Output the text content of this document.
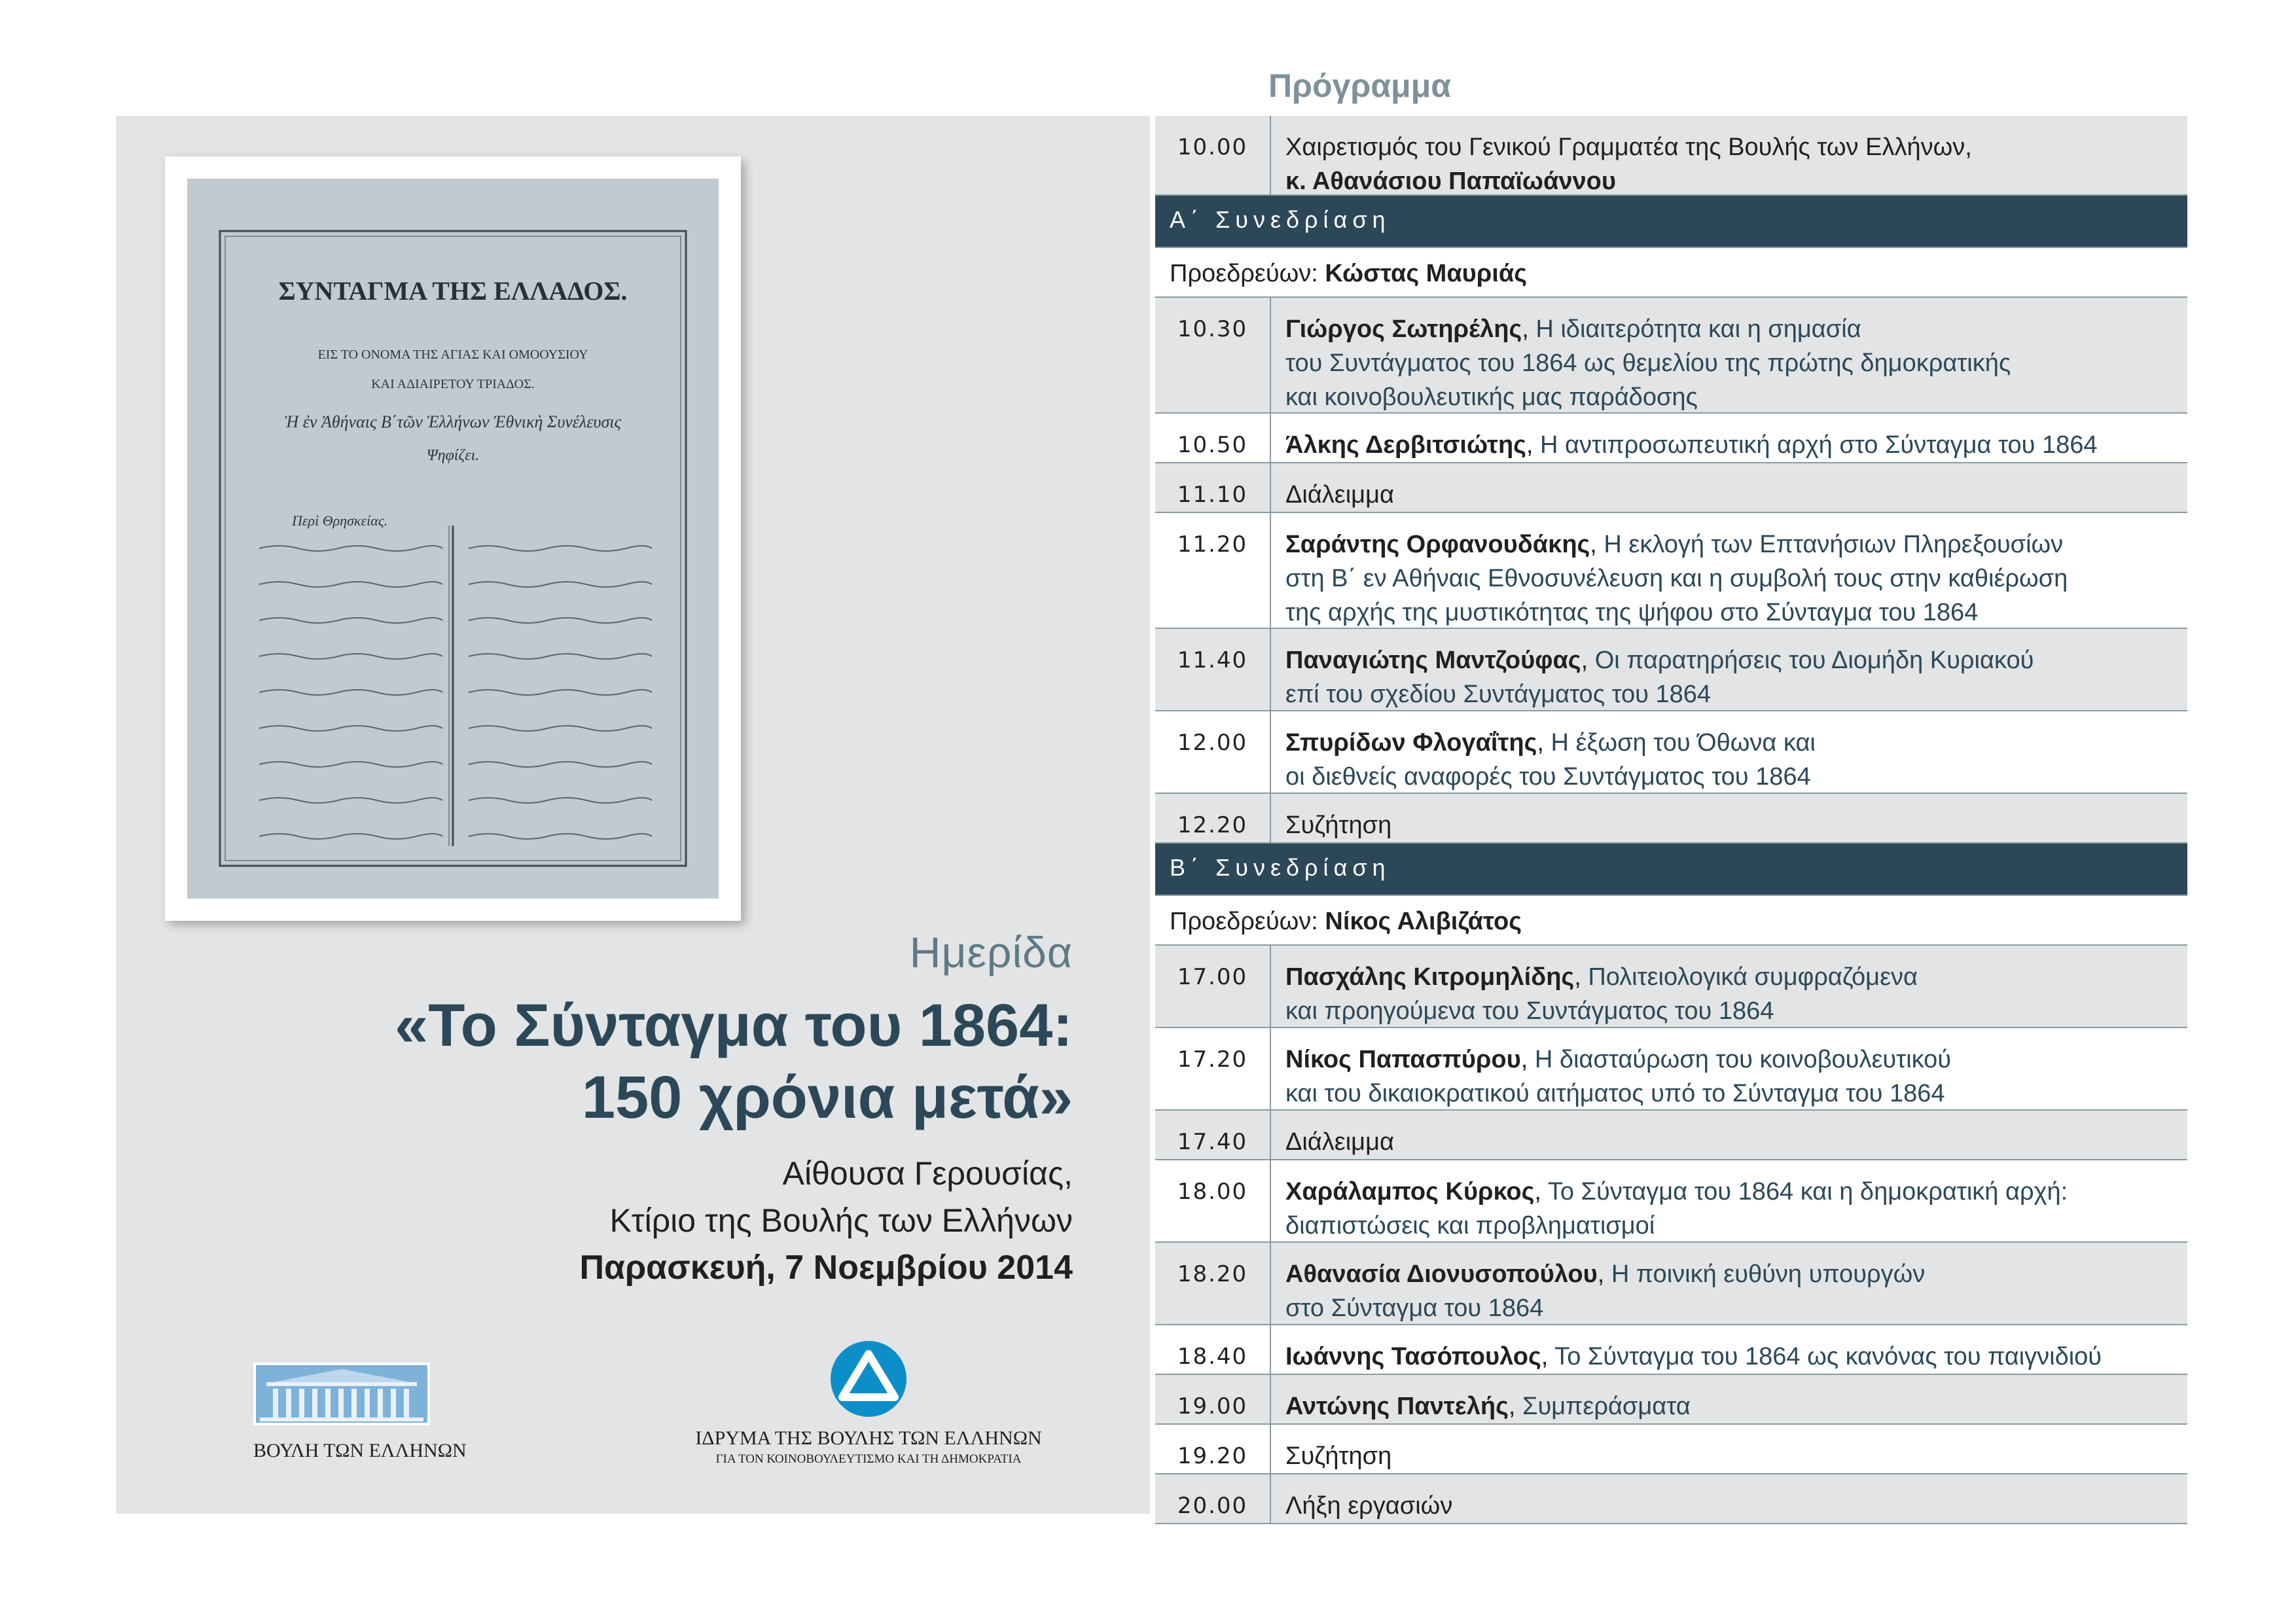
ΣΥΝΤΑΓΜΑ ΤΗΣ ΕΛΛΑΔΟΣ.
ΕΙΣ ΤΟ ΟΝΟΜΑ ΤΗΣ ΑΓΙΑΣ ΚΑΙ ΟΜΟΟΥΣΙΟΥ
ΚΑΙ ΑΔΙΑΙΡΕΤΟΥ ΤΡΙΑΔΟΣ.
Ἡ ἐν Ἀθήναις Β΄τῶν Ἑλλήνων Ἐθνικὴ Συνέλευσις
Ψηφίζει.
Περὶ Θρησκείας.
Ημερίδα
«Το Σύνταγμα του 1864:
150 χρόνια μετά»
Αίθουσα Γερουσίας,
Κτίριο της Βουλής των Ελλήνων
Παρασκευή, 7 Νοεμβρίου 2014
ΒΟΥΛΗ ΤΩΝ ΕΛΛΗΝΩΝ
ΙΔΡΥΜΑ ΤΗΣ ΒΟΥΛΗΣ ΤΩΝ ΕΛΛΗΝΩΝ
ΓΙΑ ΤΟΝ ΚΟΙΝΟΒΟΥΛΕΥΤΙΣΜΟ ΚΑΙ ΤΗ ΔΗΜΟΚΡΑΤΙΑ
Πρόγραμμα
10.00	Χαιρετισμός του Γενικού Γραμματέα της Βουλής των Ελλήνων,
κ. Αθανάσιου Παπαϊωάννου
Α΄ Συνεδρίαση
Προεδρεύων: Κώστας Μαυριάς
10.30	Γιώργος Σωτηρέλης, Η ιδιαιτερότητα και η σημασία
του Συντάγματος του 1864 ως θεμελίου της πρώτης δημοκρατικής
και κοινοβουλευτικής μας παράδοσης
10.50	Άλκης Δερβιτσιώτης, Η αντιπροσωπευτική αρχή στο Σύνταγμα του 1864
11.10	Διάλειμμα
11.20	Σαράντης Ορφανουδάκης, Η εκλογή των Επτανήσιων Πληρεξουσίων
στη Β΄ εν Αθήναις Εθνοσυνέλευση και η συμβολή τους στην καθιέρωση
της αρχής της μυστικότητας της ψήφου στο Σύνταγμα του 1864
11.40	Παναγιώτης Μαντζούφας, Οι παρατηρήσεις του Διομήδη Κυριακού
επί του σχεδίου Συντάγματος του 1864
12.00	Σπυρίδων Φλογαΐτης, Η έξωση του Όθωνα και
οι διεθνείς αναφορές του Συντάγματος του 1864
12.20	Συζήτηση
Β΄ Συνεδρίαση
Προεδρεύων: Νίκος Αλιβιζάτος
17.00	Πασχάλης Κιτρομηλίδης, Πολιτειολογικά συμφραζόμενα
και προηγούμενα του Συντάγματος του 1864
17.20	Νίκος Παπασπύρου, Η διασταύρωση του κοινοβουλευτικού
και του δικαιοκρατικού αιτήματος υπό το Σύνταγμα του 1864
17.40	Διάλειμμα
18.00	Χαράλαμπος Κύρκος, Το Σύνταγμα του 1864 και η δημοκρατική αρχή:
διαπιστώσεις και προβληματισμοί
18.20	Αθανασία Διονυσοπούλου, Η ποινική ευθύνη υπουργών
στο Σύνταγμα του 1864
18.40	Ιωάννης Τασόπουλος, Το Σύνταγμα του 1864 ως κανόνας του παιγνιδιού
19.00	Αντώνης Παντελής, Συμπεράσματα
19.20	Συζήτηση
20.00	Λήξη εργασιών
